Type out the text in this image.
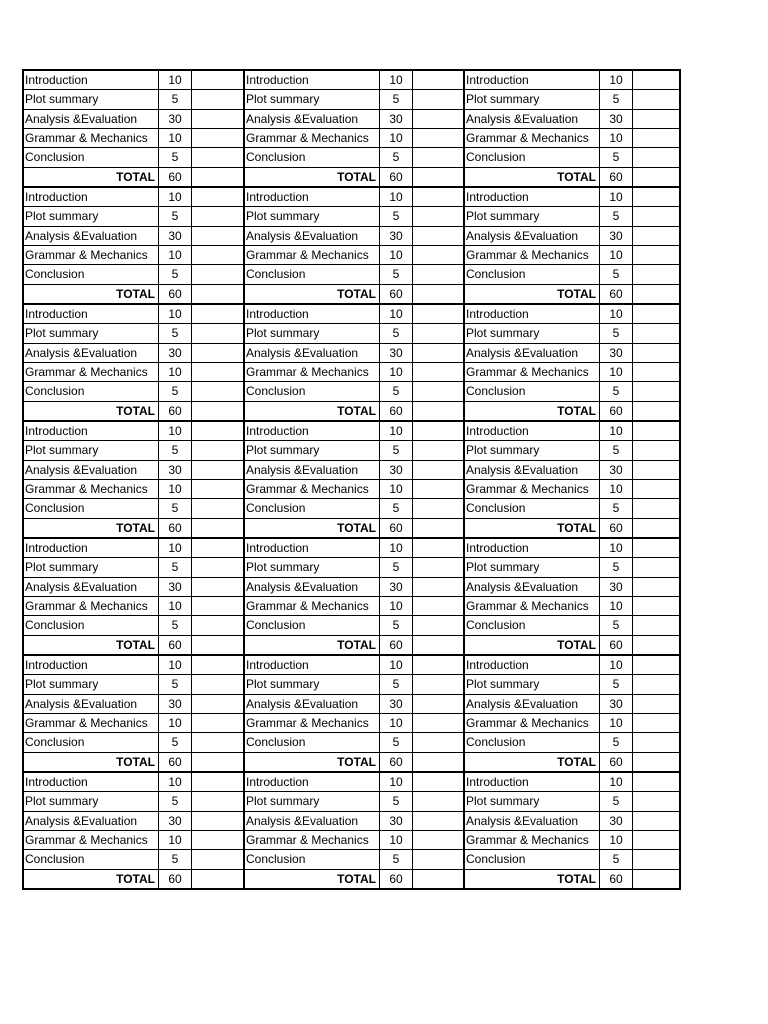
Introduction	10
Plot summary	5
Analysis &Evaluation	30
Grammar & Mechanics	10
Conclusion	5
TOTAL	60
Introduction	10
Plot summary	5
Analysis &Evaluation	30
Grammar & Mechanics	10
Conclusion	5
TOTAL	60
Introduction	10
Plot summary	5
Analysis &Evaluation	30
Grammar & Mechanics	10
Conclusion	5
TOTAL	60
Introduction	10
Plot summary	5
Analysis &Evaluation	30
Grammar & Mechanics	10
Conclusion	5
TOTAL	60
Introduction	10
Plot summary	5
Analysis &Evaluation	30
Grammar & Mechanics	10
Conclusion	5
TOTAL	60
Introduction	10
Plot summary	5
Analysis &Evaluation	30
Grammar & Mechanics	10
Conclusion	5
TOTAL	60
Introduction	10
Plot summary	5
Analysis &Evaluation	30
Grammar & Mechanics	10
Conclusion	5
TOTAL	60
Introduction	10
Plot summary	5
Analysis &Evaluation	30
Grammar & Mechanics	10
Conclusion	5
TOTAL	60
Introduction	10
Plot summary	5
Analysis &Evaluation	30
Grammar & Mechanics	10
Conclusion	5
TOTAL	60
Introduction	10
Plot summary	5
Analysis &Evaluation	30
Grammar & Mechanics	10
Conclusion	5
TOTAL	60
Introduction	10
Plot summary	5
Analysis &Evaluation	30
Grammar & Mechanics	10
Conclusion	5
TOTAL	60
Introduction	10
Plot summary	5
Analysis &Evaluation	30
Grammar & Mechanics	10
Conclusion	5
TOTAL	60
Introduction	10
Plot summary	5
Analysis &Evaluation	30
Grammar & Mechanics	10
Conclusion	5
TOTAL	60
Introduction	10
Plot summary	5
Analysis &Evaluation	30
Grammar & Mechanics	10
Conclusion	5
TOTAL	60
Introduction	10
Plot summary	5
Analysis &Evaluation	30
Grammar & Mechanics	10
Conclusion	5
TOTAL	60
Introduction	10
Plot summary	5
Analysis &Evaluation	30
Grammar & Mechanics	10
Conclusion	5
TOTAL	60
Introduction	10
Plot summary	5
Analysis &Evaluation	30
Grammar & Mechanics	10
Conclusion	5
TOTAL	60
Introduction	10
Plot summary	5
Analysis &Evaluation	30
Grammar & Mechanics	10
Conclusion	5
TOTAL	60
Introduction	10
Plot summary	5
Analysis &Evaluation	30
Grammar & Mechanics	10
Conclusion	5
TOTAL	60
Introduction	10
Plot summary	5
Analysis &Evaluation	30
Grammar & Mechanics	10
Conclusion	5
TOTAL	60
Introduction	10
Plot summary	5
Analysis &Evaluation	30
Grammar & Mechanics	10
Conclusion	5
TOTAL	60
